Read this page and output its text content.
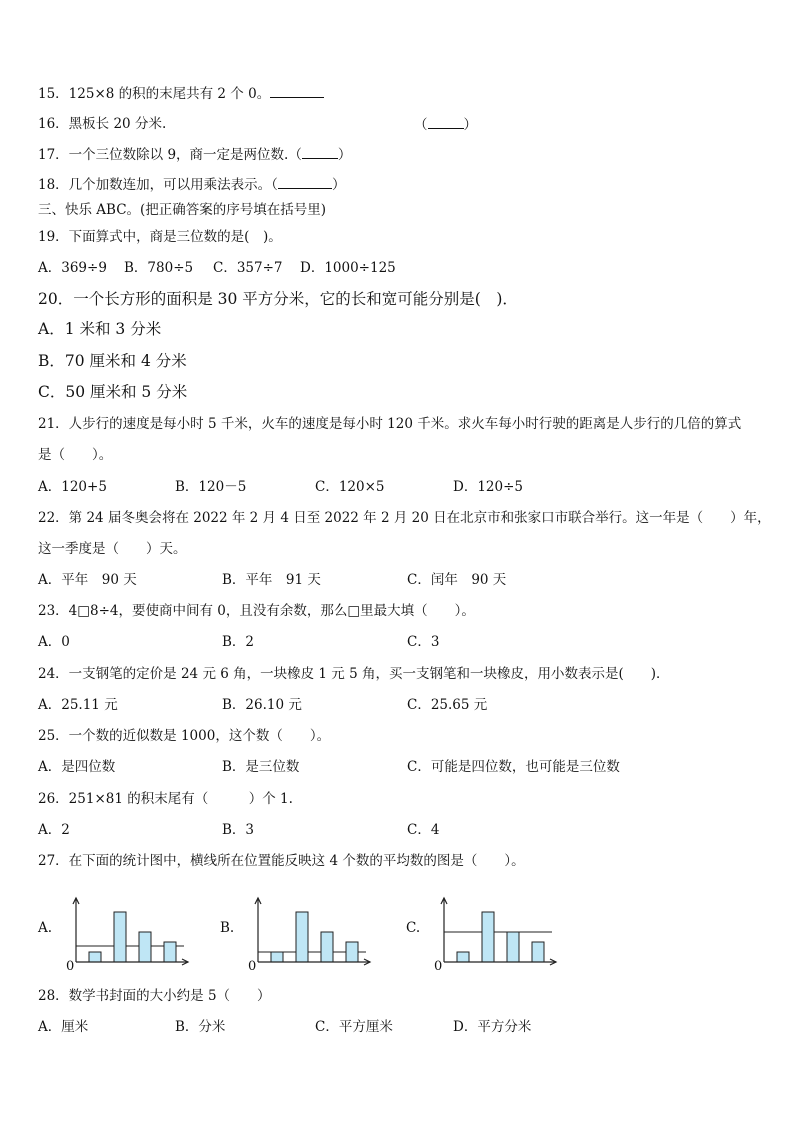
15．125×8 的积的末尾共有 2 个 0。
16．黑板长 20 分米.	（	）
17．一个三位数除以 9，商一定是两位数.（	）
18．几个加数连加，可以用乘法表示。（	）
三、快乐 ABC。(把正确答案的序号填在括号里)
19．下面算式中，商是三位数的是(　)。
A．369÷9 B．780÷5 C．357÷7 D．1000÷125
20．一个长方形的面积是 30 平方分米，它的长和宽可能分别是(　)．
A．1 米和 3 分米
B．70 厘米和 4 分米
C．50 厘米和 5 分米
21．人步行的速度是每小时 5 千米，火车的速度是每小时 120 千米。求火车每小时行驶的距离是人步行的几倍的算式
是（　　）。
A．120+5	B．120－5	C．120×5	D．120÷5
22．第 24 届冬奥会将在 2022 年 2 月 4 日至 2022 年 2 月 20 日在北京市和张家口市联合举行。这一年是（　　）年，
这一季度是（　　）天。
A．平年　90 天	B．平年　91 天	C．闰年　90 天
23．4□8÷4，要使商中间有 0，且没有余数，那么□里最大填（　　）。
A．0	B．2	C．3
24．一支钢笔的定价是 24 元 6 角，一块橡皮 1 元 5 角，买一支钢笔和一块橡皮，用小数表示是(　　)．
A．25.11 元	B．26.10 元	C．25.65 元
25．一个数的近似数是 1000，这个数（　　）。
A．是四位数	B．是三位数	C．可能是四位数，也可能是三位数
26．251×81 的积末尾有（　　　）个 1.
A．2	B．3	C．4
27．在下面的统计图中，横线所在位置能反映这 4 个数的平均数的图是（　　）。
A.	B.	C.
0	0	0
28．数学书封面的大小约是 5（　　）
A．厘米	B．分米	C．平方厘米	D．平方分米
